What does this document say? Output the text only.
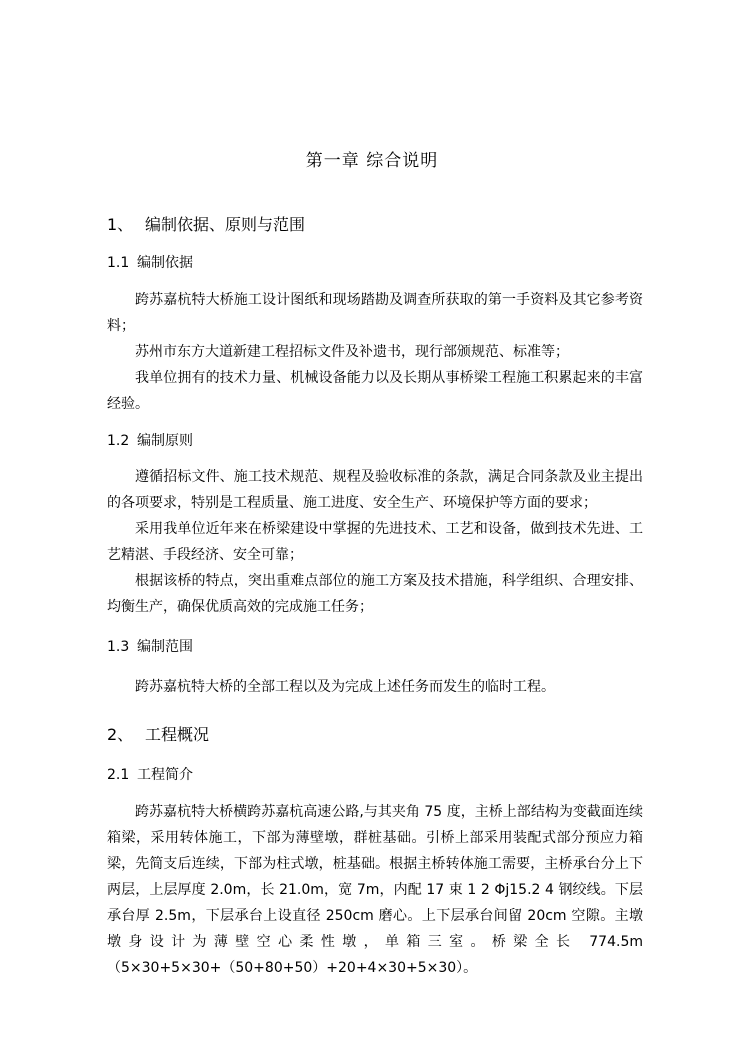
第一章 综合说明
1、 编制依据、原则与范围
1.1 编制依据
跨苏嘉杭特大桥施工设计图纸和现场踏勘及调查所获取的第一手资料及其它参考资料；
苏州市东方大道新建工程招标文件及补遗书，现行部颁规范、标准等；
我单位拥有的技术力量、机械设备能力以及长期从事桥梁工程施工积累起来的丰富经验。
1.2 编制原则
遵循招标文件、施工技术规范、规程及验收标准的条款，满足合同条款及业主提出的各项要求，特别是工程质量、施工进度、安全生产、环境保护等方面的要求；
采用我单位近年来在桥梁建设中掌握的先进技术、工艺和设备，做到技术先进、工艺精湛、手段经济、安全可靠；
根据该桥的特点，突出重难点部位的施工方案及技术措施，科学组织、合理安排、均衡生产，确保优质高效的完成施工任务；
1.3 编制范围
跨苏嘉杭特大桥的全部工程以及为完成上述任务而发生的临时工程。
2、 工程概况
2.1 工程简介
跨苏嘉杭特大桥横跨苏嘉杭高速公路,与其夹角 75 度，主桥上部结构为变截面连续箱梁，采用转体施工，下部为薄壁墩，群桩基础。引桥上部采用装配式部分预应力箱梁，先简支后连续，下部为柱式墩，桩基础。根据主桥转体施工需要，主桥承台分上下两层，上层厚度 2.0m，长 21.0m，宽 7m，内配 17 束 1 2 Φj15.2 4 钢绞线。下层承台厚 2.5m，下层承台上设直径 250cm 磨心。上下层承台间留 20cm 空隙。主墩墩身设计为薄壁空心柔性墩，单箱三室。桥梁全长 774.5m（5×30+5×30+（50+80+50）+20+4×30+5×30）。
